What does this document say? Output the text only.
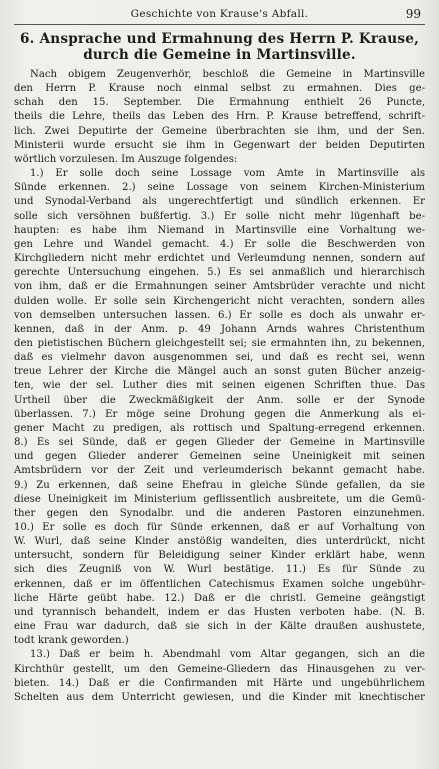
Geschichte von Krause's Abfall.	99
6. Ansprache und Ermahnung des Herrn P. Krause,
durch die Gemeine in Martinsville.
Nach obigem Zeugenverhör, beschloß die Gemeine in Martinsville
den Herrn P. Krause noch einmal selbst zu ermahnen. Dies ge-
schah den 15. September. Die Ermahnung enthielt 26 Puncte,
theils die Lehre, theils das Leben des Hrn. P. Krause betreffend, schrift-
lich. Zwei Deputirte der Gemeine überbrachten sie ihm, und der Sen.
Ministerii wurde ersucht sie ihm in Gegenwart der beiden Deputirten
wörtlich vorzulesen. Im Auszuge folgendes:
1.) Er solle doch seine Lossage vom Amte in Martinsville als
Sünde erkennen. 2.) seine Lossage von seinem Kirchen-Ministerium
und Synodal-Verband als ungerechtfertigt und sündlich erkennen. Er
solle sich versöhnen bußfertig. 3.) Er solle nicht mehr lügenhaft be-
haupten: es habe ihm Niemand in Martinsville eine Vorhaltung we-
gen Lehre und Wandel gemacht. 4.) Er solle die Beschwerden von
Kirchgliedern nicht mehr erdichtet und Verleumdung nennen, sondern auf
gerechte Untersuchung eingehen. 5.) Es sei anmaßlich und hierarchisch
von ihm, daß er die Ermahnungen seiner Amtsbrüder verachte und nicht
dulden wolle. Er solle sein Kirchengericht nicht verachten, sondern alles
von demselben untersuchen lassen. 6.) Er solle es doch als unwahr er-
kennen, daß in der Anm. p. 49 Johann Arnds wahres Christenthum
den pietistischen Büchern gleichgestellt sei; sie ermahnten ihn, zu bekennen,
daß es vielmehr davon ausgenommen sei, und daß es recht sei, wenn
treue Lehrer der Kirche die Mängel auch an sonst guten Bücher anzeig-
ten, wie der sel. Luther dies mit seinen eigenen Schriften thue. Das
Urtheil über die Zweckmäßigkeit der Anm. solle er der Synode
überlassen. 7.) Er möge seine Drohung gegen die Anmerkung als ei-
gener Macht zu predigen, als rottisch und Spaltung-erregend erkennen.
8.) Es sei Sünde, daß er gegen Glieder der Gemeine in Martinsville
und gegen Glieder anderer Gemeinen seine Uneinigkeit mit seinen
Amtsbrüdern vor der Zeit und verleumderisch bekannt gemacht habe.
9.) Zu erkennen, daß seine Ehefrau in gleiche Sünde gefallen, da sie
diese Uneinigkeit im Ministerium geflissentlich ausbreitete, um die Gemü-
ther gegen den Synodalbr. und die anderen Pastoren einzunehmen.
10.) Er solle es doch für Sünde erkennen, daß er auf Vorhaltung von
W. Wurl, daß seine Kinder anstößig wandelten, dies unterdrückt, nicht
untersucht, sondern für Beleidigung seiner Kinder erklärt habe, wenn
sich dies Zeugniß von W. Wurl bestätige. 11.) Es für Sünde zu
erkennen, daß er im öffentlichen Catechismus Examen solche ungebühr-
liche Härte geübt habe. 12.) Daß er die christl. Gemeine geängstigt
und tyrannisch behandelt, indem er das Husten verboten habe. (N. B.
eine Frau war dadurch, daß sie sich in der Kälte draußen aushustete,
todt krank geworden.)
13.) Daß er beim h. Abendmahl vom Altar gegangen, sich an die
Kirchthür gestellt, um den Gemeine-Gliedern das Hinausgehen zu ver-
bieten. 14.) Daß er die Confirmanden mit Härte und ungebührlichem
Schelten aus dem Unterricht gewiesen, und die Kinder mit knechtischer
